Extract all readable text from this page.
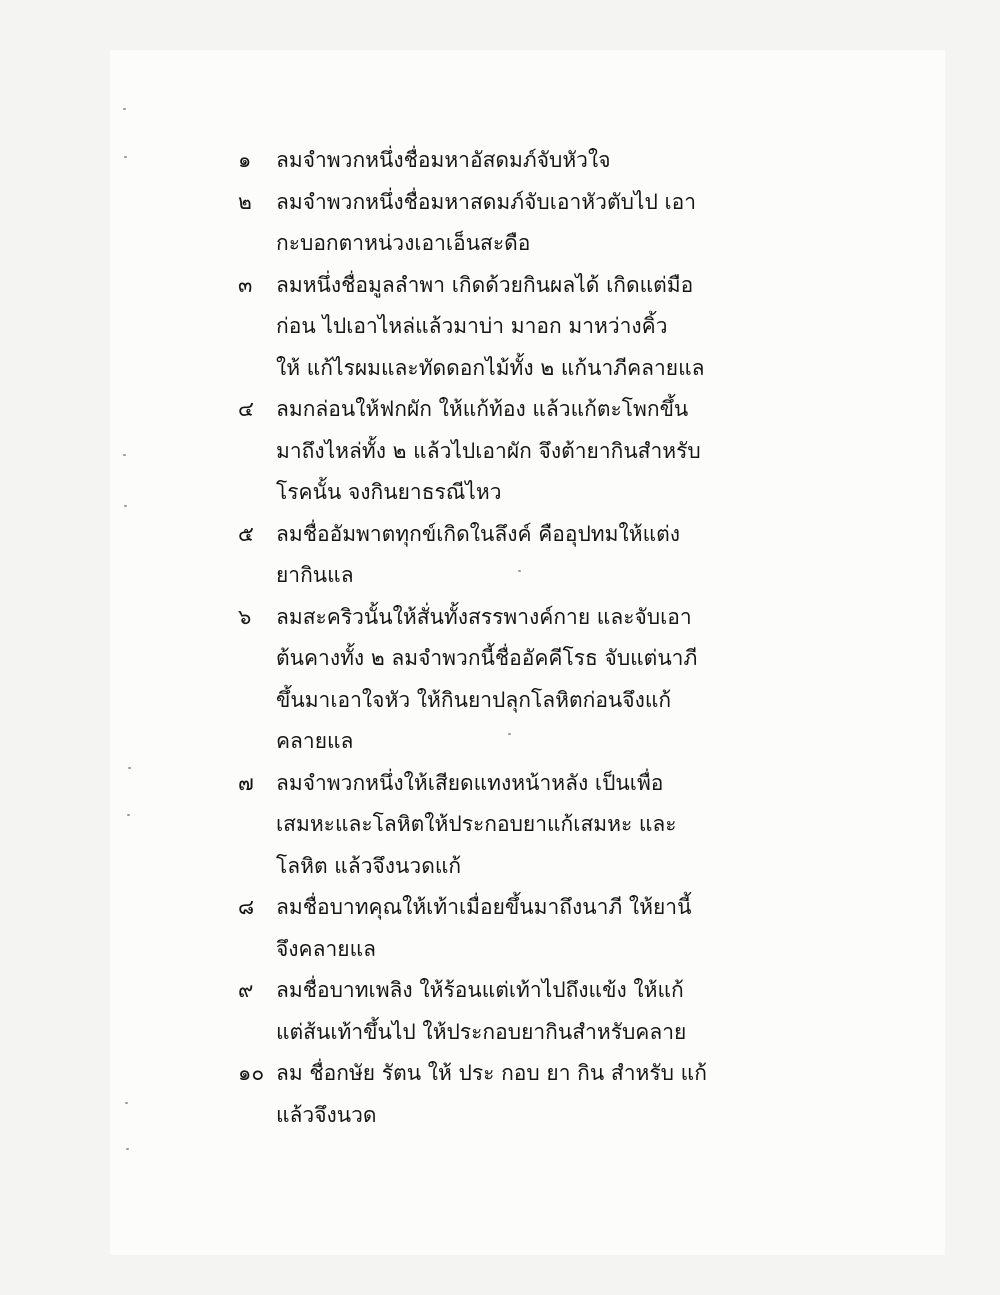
๑	ลมจำพวกหนึ่งชื่อมหาอัสดมภ์จับหัวใจ
๒	ลมจำพวกหนึ่งชื่อมหาสดมภ์จับเอาหัวตับไป เอา
กะบอกตาหน่วงเอาเอ็นสะดือ
๓	ลมหนึ่งชื่อมูลลำพา เกิดด้วยกินผลได้ เกิดแต่มือ
ก่อน ไปเอาไหล่แล้วมาบ่า มาอก มาหว่างคิ้ว
ให้ แก้ไรผมและทัดดอกไม้ทั้ง ๒ แก้นาภีคลายแล
๔	ลมกล่อนให้ฟกผัก ให้แก้ท้อง แล้วแก้ตะโพกขึ้น
มาถึงไหล่ทั้ง ๒ แล้วไปเอาผัก จึงต้ายากินสำหรับ
โรคนั้น จงกินยาธรณีไหว
๕	ลมชื่ออัมพาตทุกข์เกิดในลึงค์ คืออุปทมให้แต่ง
ยากินแล
๖	ลมสะคริวนั้นให้สั่นทั้งสรรพางค์กาย และจับเอา
ต้นคางทั้ง ๒ ลมจำพวกนี้ชื่ออัคคีโรธ จับแต่นาภี
ขึ้นมาเอาใจหัว ให้กินยาปลุกโลหิตก่อนจึงแก้
คลายแล
๗	ลมจำพวกหนึ่งให้เสียดแทงหน้าหลัง เป็นเพื่อ
เสมหะและโลหิตให้ประกอบยาแก้เสมหะ และ
โลหิต แล้วจึงนวดแก้
๘	ลมชื่อบาทคุณให้เท้าเมื่อยขึ้นมาถึงนาภี ให้ยานี้
จึงคลายแล
๙	ลมชื่อบาทเพลิง ให้ร้อนแต่เท้าไปถึงแข้ง ให้แก้
แต่ส้นเท้าขึ้นไป ให้ประกอบยากินสำหรับคลาย
๑๐ ลม ชื่อกษัย รัตน ให้ ประ กอบ ยา กิน สำหรับ แก้
แล้วจึงนวด
